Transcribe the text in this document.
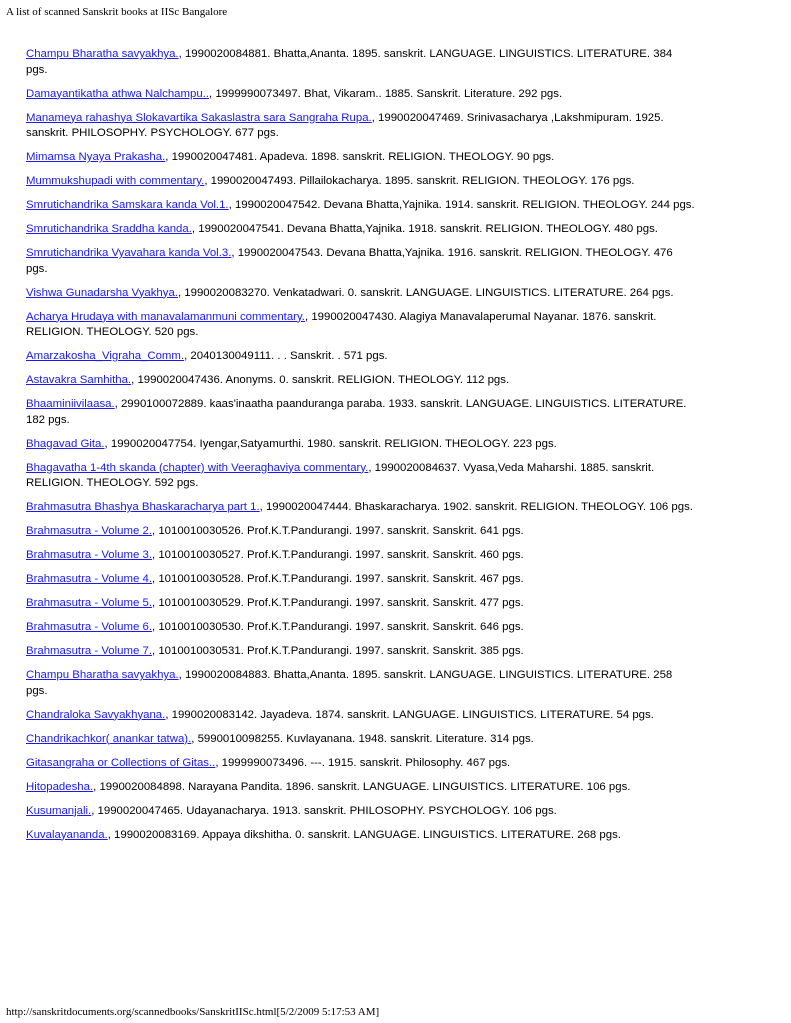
A list of scanned Sanskrit books at IISc Bangalore
Champu Bharatha savyakhya., 1990020084881. Bhatta,Ananta. 1895. sanskrit. LANGUAGE. LINGUISTICS. LITERATURE. 384 pgs.
Damayantikatha athwa Nalchampu.., 1999990073497. Bhat, Vikaram.. 1885. Sanskrit. Literature. 292 pgs.
Manameya rahashya Slokavartika Sakaslastra sara Sangraha Rupa., 1990020047469. Srinivasacharya ,Lakshmipuram. 1925. sanskrit. PHILOSOPHY. PSYCHOLOGY. 677 pgs.
Mimamsa Nyaya Prakasha., 1990020047481. Apadeva. 1898. sanskrit. RELIGION. THEOLOGY. 90 pgs.
Mummukshupadi with commentary., 1990020047493. Pillailokacharya. 1895. sanskrit. RELIGION. THEOLOGY. 176 pgs.
Smrutichandrika Samskara kanda Vol.1., 1990020047542. Devana Bhatta,Yajnika. 1914. sanskrit. RELIGION. THEOLOGY. 244 pgs.
Smrutichandrika Sraddha kanda., 1990020047541. Devana Bhatta,Yajnika. 1918. sanskrit. RELIGION. THEOLOGY. 480 pgs.
Smrutichandrika Vyavahara kanda Vol.3., 1990020047543. Devana Bhatta,Yajnika. 1916. sanskrit. RELIGION. THEOLOGY. 476 pgs.
Vishwa Gunadarsha Vyakhya., 1990020083270. Venkatadwari. 0. sanskrit. LANGUAGE. LINGUISTICS. LITERATURE. 264 pgs.
Acharya Hrudaya with manavalamanmuni commentary., 1990020047430. Alagiya Manavalaperumal Nayanar. 1876. sanskrit. RELIGION. THEOLOGY. 520 pgs.
Amarzakosha_Vigraha_Comm., 2040130049111. . . Sanskrit. . 571 pgs.
Astavakra Samhitha., 1990020047436. Anonyms. 0. sanskrit. RELIGION. THEOLOGY. 112 pgs.
Bhaaminiivilaasa., 2990100072889. kaas'inaatha paanduranga paraba. 1933. sanskrit. LANGUAGE. LINGUISTICS. LITERATURE. 182 pgs.
Bhagavad Gita., 1990020047754. Iyengar,Satyamurthi. 1980. sanskrit. RELIGION. THEOLOGY. 223 pgs.
Bhagavatha 1-4th skanda (chapter) with Veeraghaviya commentary., 1990020084637. Vyasa,Veda Maharshi. 1885. sanskrit. RELIGION. THEOLOGY. 592 pgs.
Brahmasutra Bhashya Bhaskaracharya part 1., 1990020047444. Bhaskaracharya. 1902. sanskrit. RELIGION. THEOLOGY. 106 pgs.
Brahmasutra - Volume 2., 1010010030526. Prof.K.T.Pandurangi. 1997. sanskrit. Sanskrit. 641 pgs.
Brahmasutra - Volume 3., 1010010030527. Prof.K.T.Pandurangi. 1997. sanskrit. Sanskrit. 460 pgs.
Brahmasutra - Volume 4., 1010010030528. Prof.K.T.Pandurangi. 1997. sanskrit. Sanskrit. 467 pgs.
Brahmasutra - Volume 5., 1010010030529. Prof.K.T.Pandurangi. 1997. sanskrit. Sanskrit. 477 pgs.
Brahmasutra - Volume 6., 1010010030530. Prof.K.T.Pandurangi. 1997. sanskrit. Sanskrit. 646 pgs.
Brahmasutra - Volume 7., 1010010030531. Prof.K.T.Pandurangi. 1997. sanskrit. Sanskrit. 385 pgs.
Champu Bharatha savyakhya., 1990020084883. Bhatta,Ananta. 1895. sanskrit. LANGUAGE. LINGUISTICS. LITERATURE. 258 pgs.
Chandraloka Savyakhyana., 1990020083142. Jayadeva. 1874. sanskrit. LANGUAGE. LINGUISTICS. LITERATURE. 54 pgs.
Chandrikachkor( anankar tatwa)., 5990010098255. Kuvlayanana. 1948. sanskrit. Literature. 314 pgs.
Gitasangraha or Collections of Gitas.., 1999990073496. ---. 1915. sanskrit. Philosophy. 467 pgs.
Hitopadesha., 1990020084898. Narayana Pandita. 1896. sanskrit. LANGUAGE. LINGUISTICS. LITERATURE. 106 pgs.
Kusumanjali., 1990020047465. Udayanacharya. 1913. sanskrit. PHILOSOPHY. PSYCHOLOGY. 106 pgs.
Kuvalayananda., 1990020083169. Appaya dikshitha. 0. sanskrit. LANGUAGE. LINGUISTICS. LITERATURE. 268 pgs.
http://sanskritdocuments.org/scannedbooks/SanskritIISc.html[5/2/2009 5:17:53 AM]
